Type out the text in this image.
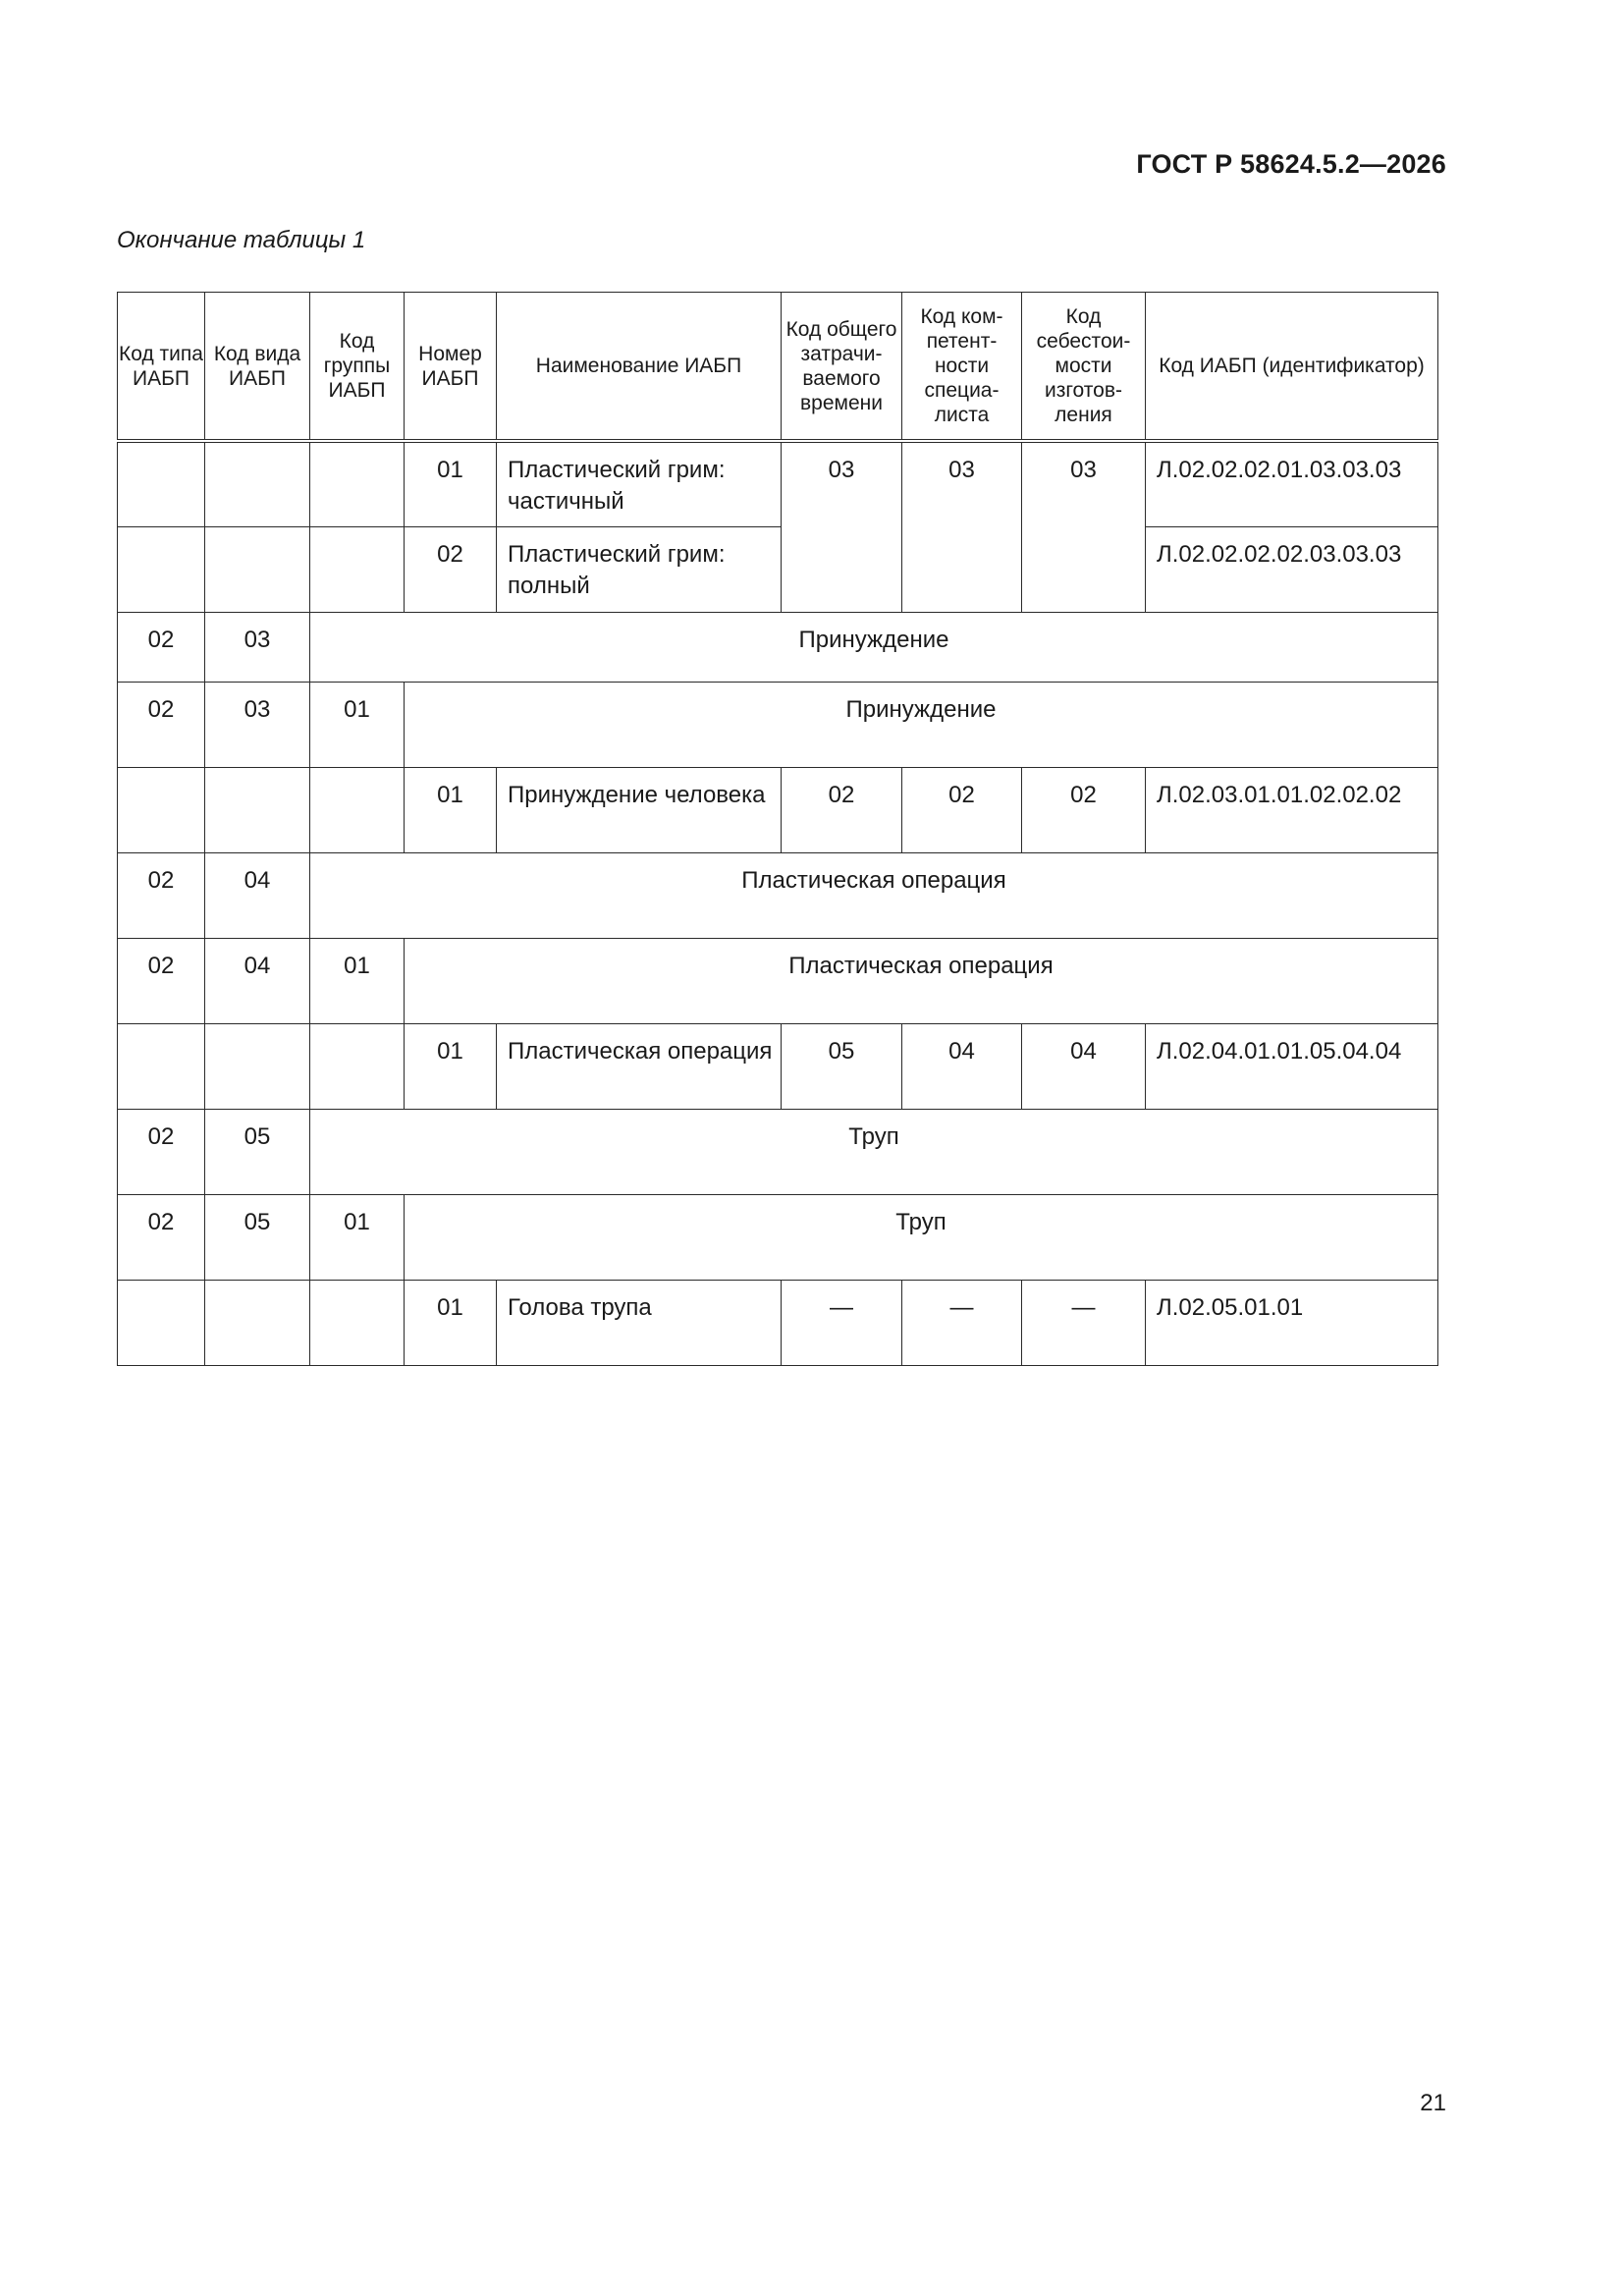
ГОСТ Р 58624.5.2—2026
Окончание таблицы 1
Код типа ИАБП	Код вида ИАБП	Код группы ИАБП	Номер ИАБП	Наименование ИАБП	Код общего затрачи-ваемого времени	Код ком-петент-ности специа-листа	Код себестои-мости изготов-ления	Код ИАБП (идентификатор)
			01	Пластический грим: частичный	03	03	03	Л.02.02.02.01.03.03.03
			02	Пластический грим: полный				Л.02.02.02.02.03.03.03
02	03	Принуждение						
02	03	01	Принуждение					
			01	Принуждение человека	02	02	02	Л.02.03.01.01.02.02.02
02	04	Пластическая операция						
02	04	01	Пластическая операция					
			01	Пластическая операция	05	04	04	Л.02.04.01.01.05.04.04
02	05	Труп						
02	05	01	Труп					
			01	Голова трупа	—	—	—	Л.02.05.01.01
21
